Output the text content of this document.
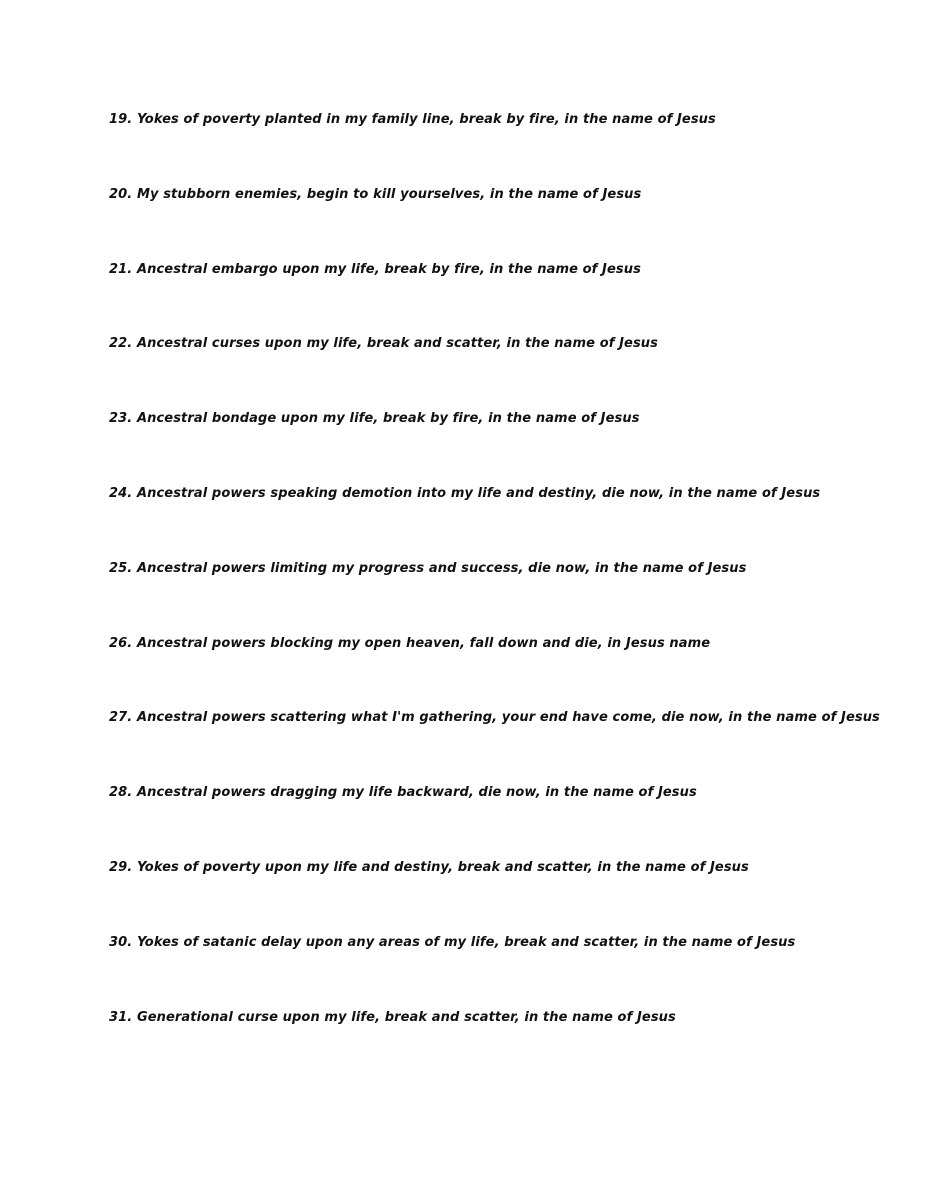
19. Yokes of poverty planted in my family line, break by fire, in the name of Jesus
20. My stubborn enemies, begin to kill yourselves, in the name of Jesus
21. Ancestral embargo upon my life, break by fire, in the name of Jesus
22. Ancestral curses upon my life, break and scatter, in the name of Jesus
23. Ancestral bondage upon my life, break by fire, in the name of Jesus
24. Ancestral powers speaking demotion into my life and destiny, die now, in the name of Jesus
25. Ancestral powers limiting my progress and success, die now, in the name of Jesus
26. Ancestral powers blocking my open heaven, fall down and die, in Jesus name
27. Ancestral powers scattering what I'm gathering, your end have come, die now, in the name of Jesus
28. Ancestral powers dragging my life backward, die now, in the name of Jesus
29. Yokes of poverty upon my life and destiny, break and scatter, in the name of Jesus
30. Yokes of satanic delay upon any areas of my life, break and scatter, in the name of Jesus
31. Generational curse upon my life, break and scatter, in the name of Jesus
